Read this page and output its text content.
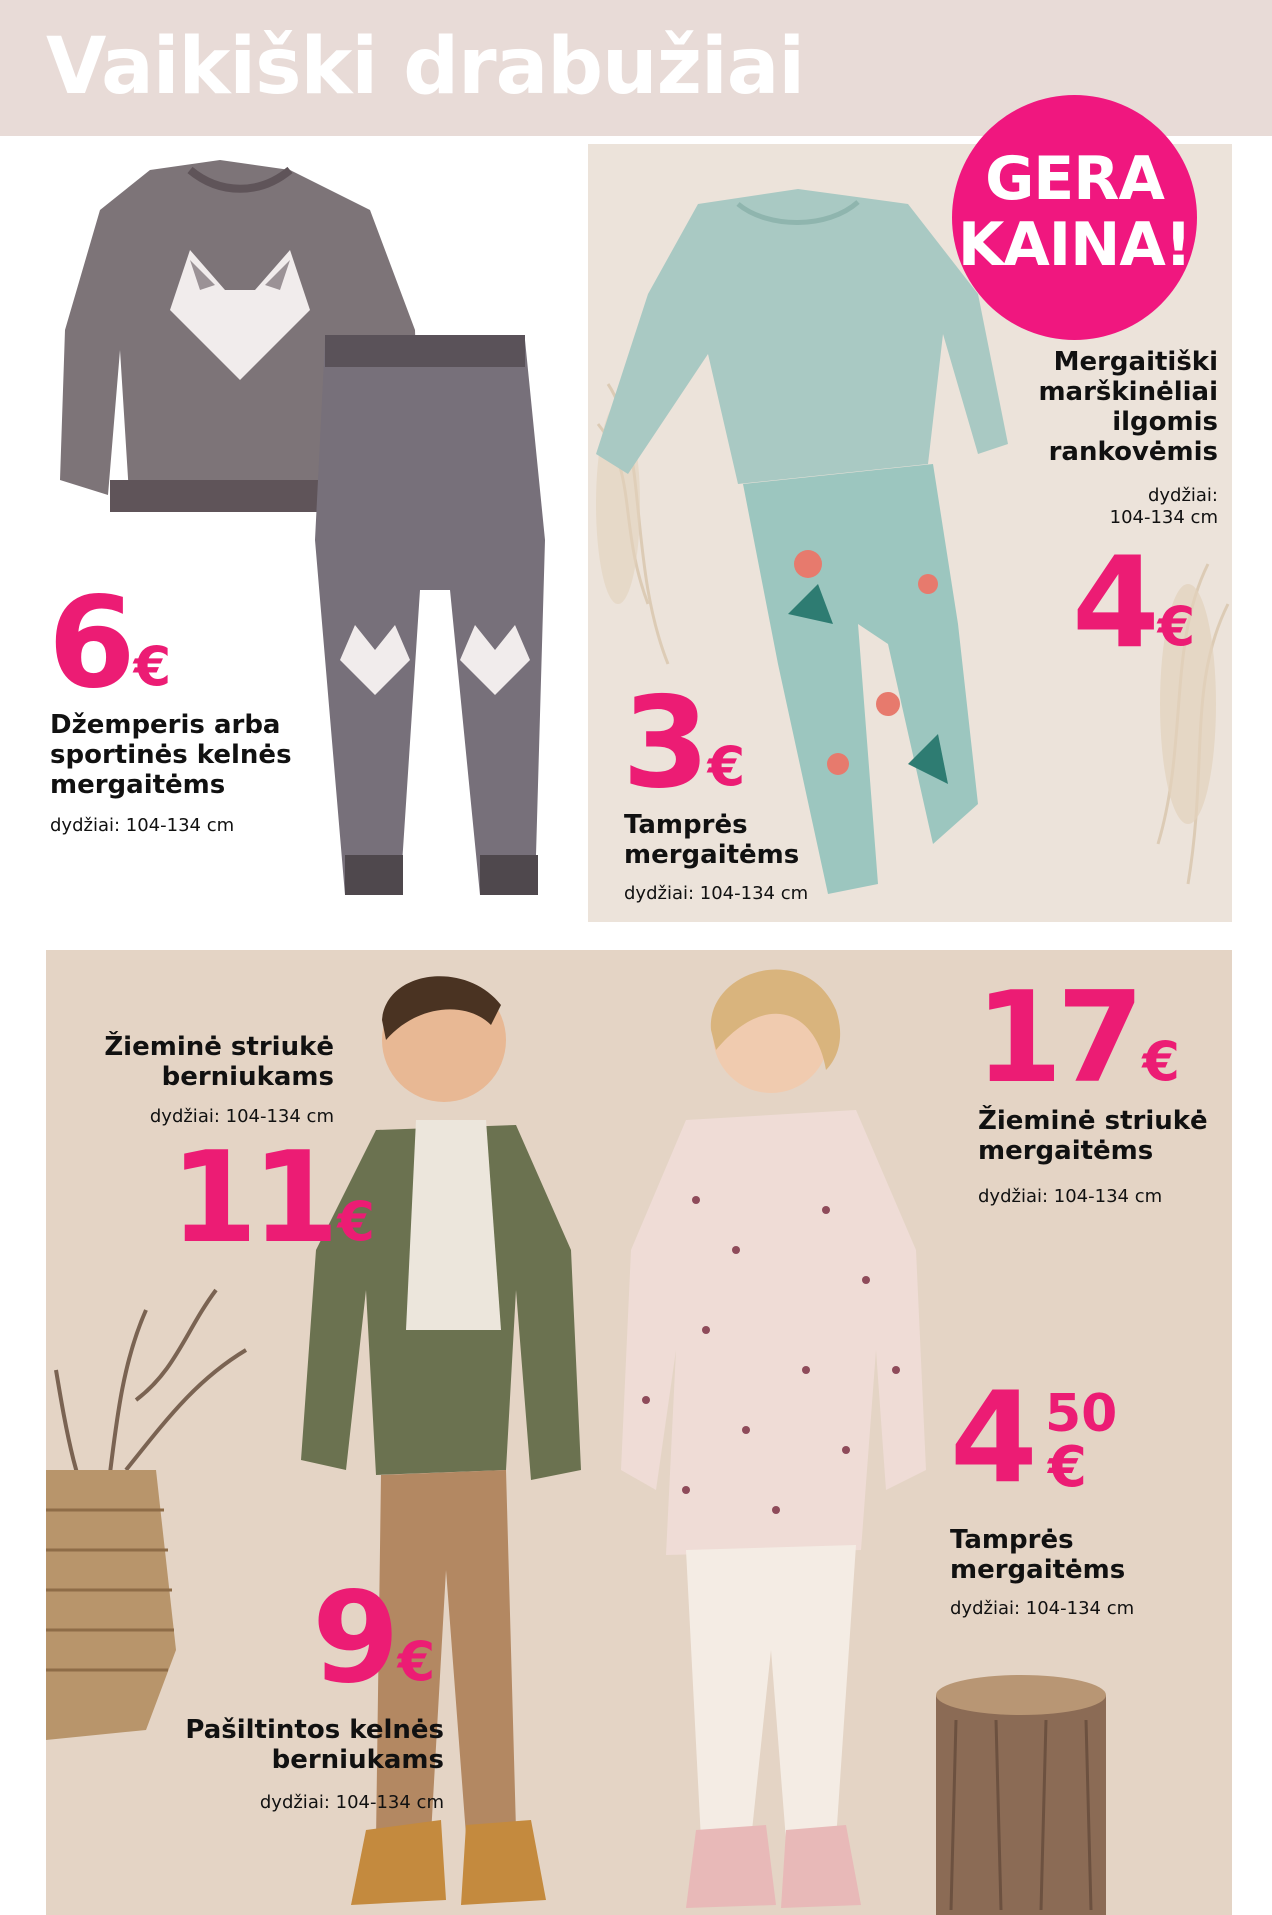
Vaikiški drabužiai
GERA
KAINA!
6€
Džemperis arba
sportinės kelnės
mergaitėms
dydžiai: 104-134 cm
Mergaitiški
marškinėliai
ilgomis
rankovėmis
dydžiai:
104-134 cm
4€
3€
Tamprės
mergaitėms
dydžiai: 104-134 cm
Žieminė striukė
berniukams
dydžiai: 104-134 cm
11€
17€
Žieminė striukė
mergaitėms
dydžiai: 104-134 cm
4 50
€
Tamprės
mergaitėms
dydžiai: 104-134 cm
9€
Pašiltintos kelnės
berniukams
dydžiai: 104-134 cm
